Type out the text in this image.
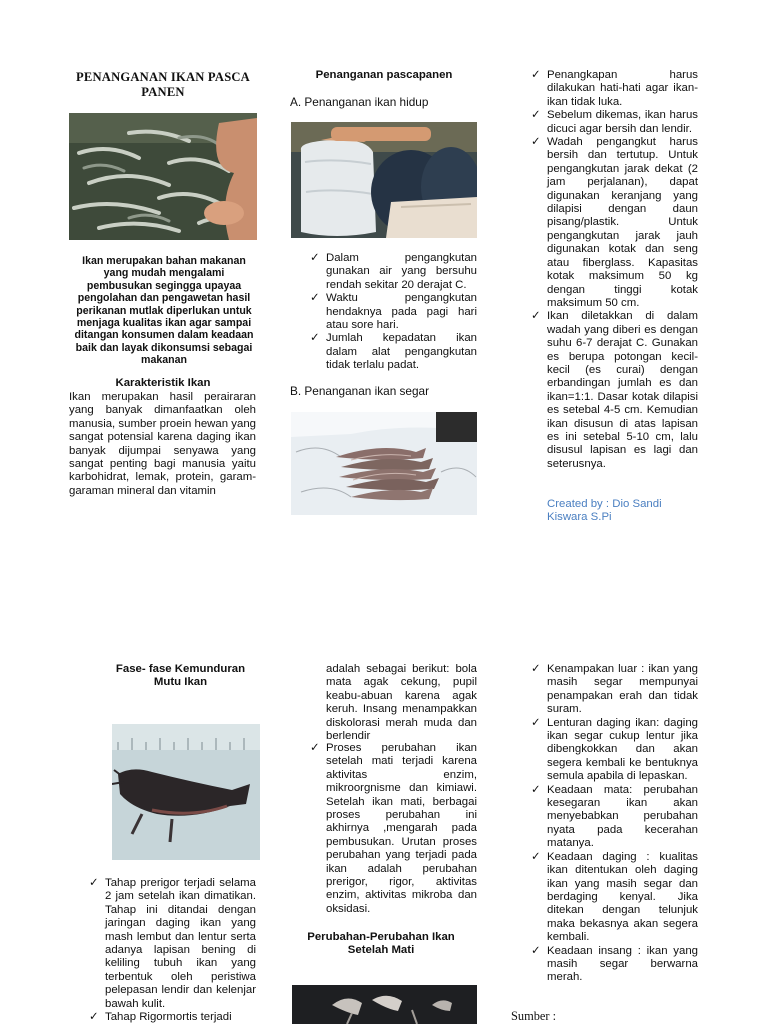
PENANGANAN IKAN PASCA PANEN
Ikan merupakan bahan makanan yang mudah mengalami pembusukan segingga upayaa pengolahan dan pengawetan hasil perikanan mutlak diperlukan untuk menjaga kualitas ikan agar sampai ditangan konsumen dalam keadaan baik dan layak dikonsumsi sebagai makanan
Karakteristik Ikan
Ikan merupakan hasil perairaran yang banyak dimanfaatkan oleh manusia, sumber proein hewan yang sangat potensial karena daging ikan banyak dijumpai senyawa yang sangat penting bagi manusia yaitu karbohidrat, lemak, protein, garam-garaman mineral dan vitamin
Penanganan pascapanen
A. Penanganan ikan hidup
✓ Dalam pengangkutan gunakan air yang bersuhu rendah sekitar 20 derajat C.
✓ Waktu pengangkutan hendaknya pada pagi hari atau sore hari.
✓ Jumlah kepadatan ikan dalam alat pengangkutan tidak terlalu padat.
B. Penanganan ikan segar
✓ Penangkapan harus dilakukan hati-hati agar ikan-ikan tidak luka.
✓ Sebelum dikemas, ikan harus dicuci agar bersih dan lendir.
✓ Wadah pengangkut harus bersih dan tertutup. Untuk pengangkutan jarak dekat (2 jam perjalanan), dapat digunakan keranjang yang dilapisi dengan daun pisang/plastik. Untuk pengangkutan jarak jauh digunakan kotak dan seng atau fiberglass. Kapasitas kotak maksimum 50 kg dengan tinggi kotak maksimum 50 cm.
✓ Ikan diletakkan di dalam wadah yang diberi es dengan suhu 6-7 derajat C. Gunakan es berupa potongan kecil-kecil (es curai) dengan erbandingan jumlah es dan ikan=1:1. Dasar kotak dilapisi es setebal 4-5 cm. Kemudian ikan disusun di atas lapisan es ini setebal 5-10 cm, lalu disusul lapisan es lagi dan seterusnya.
Created by : Dio Sandi Kiswara S.Pi
Fase- fase Kemunduran Mutu Ikan
✓ Tahap prerigor terjadi selama 2 jam setelah ikan dimatikan. Tahap ini ditandai dengan jaringan daging ikan yang mash lembut dan lentur serta adanya lapisan bening di keliling tubuh ikan yang terbentuk oleh peristiwa pelepasan lendir dan kelenjar bawah kulit.
✓ Tahap Rigormortis terjadi
adalah sebagai berikut: bola mata agak cekung, pupil keabu-abuan karena agak keruh. Insang menampakkan diskolorasi merah muda dan berlendir
✓ Proses perubahan ikan setelah mati terjadi karena aktivitas enzim, mikroorgnisme dan kimiawi. Setelah ikan mati, berbagai proses perubahan ini akhirnya ,mengarah pada pembusukan. Urutan proses perubahan yang terjadi pada ikan adalah perubahan prerigor, rigor, aktivitas enzim, aktivitas mikroba dan oksidasi.
Perubahan-Perubahan Ikan Setelah Mati
✓ Kenampakan luar : ikan yang masih segar mempunyai penampakan erah dan tidak suram.
✓ Lenturan daging ikan: daging ikan segar cukup lentur jika dibengkokkan dan akan segera kembali ke bentuknya semula apabila di lepaskan.
✓ Keadaan mata: perubahan kesegaran ikan akan menyebabkan perubahan nyata pada kecerahan matanya.
✓ Keadaan daging : kualitas ikan ditentukan oleh daging ikan yang masih segar dan berdaging kenyal. Jika ditekan dengan telunjuk maka bekasnya akan segera kembali.
✓ Keadaan insang : ikan yang masih segar berwarna merah.
Sumber :
